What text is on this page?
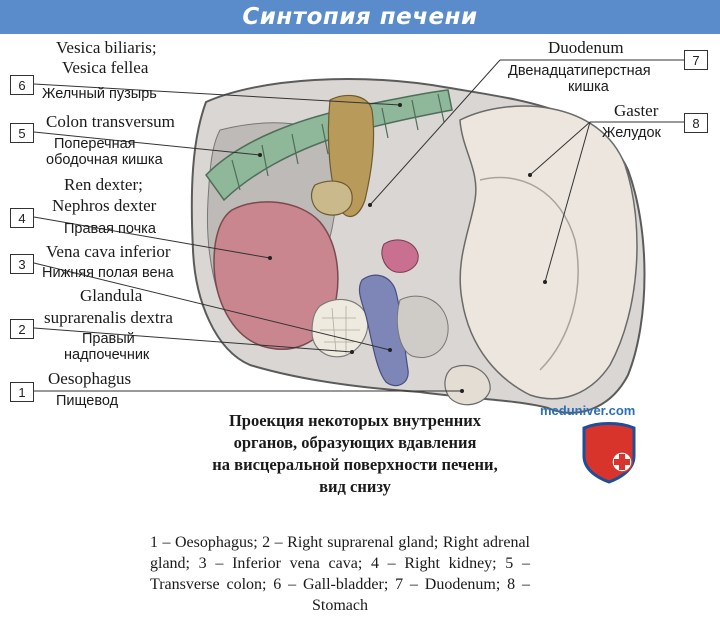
Синтопия печени
Vesica biliaris;
Vesica fellea
6
Желчный пузырь
Colon transversum
5
Поперечная
ободочная кишка
Ren dexter;
Nephros dexter
4
Правая почка
Vena cava inferior
3
Нижняя полая вена
Glandula
suprarenalis dextra
2
Правый
надпочечник
Oesophagus
1
Пищевод
Duodenum
7
Двенадцатиперстная
кишка
Gaster
8
Желудок
meduniver.com
Проекция некоторых внутренних
органов, образующих вдавления
на висцеральной поверхности печени,
вид снизу
1 – Oesophagus; 2 – Right suprarenal gland; Right adrenal gland; 3 – Inferior vena cava; 4 – Right kidney; 5 – Transverse colon; 6 – Gall-bladder; 7 – Duodenum; 8 – Stomach
